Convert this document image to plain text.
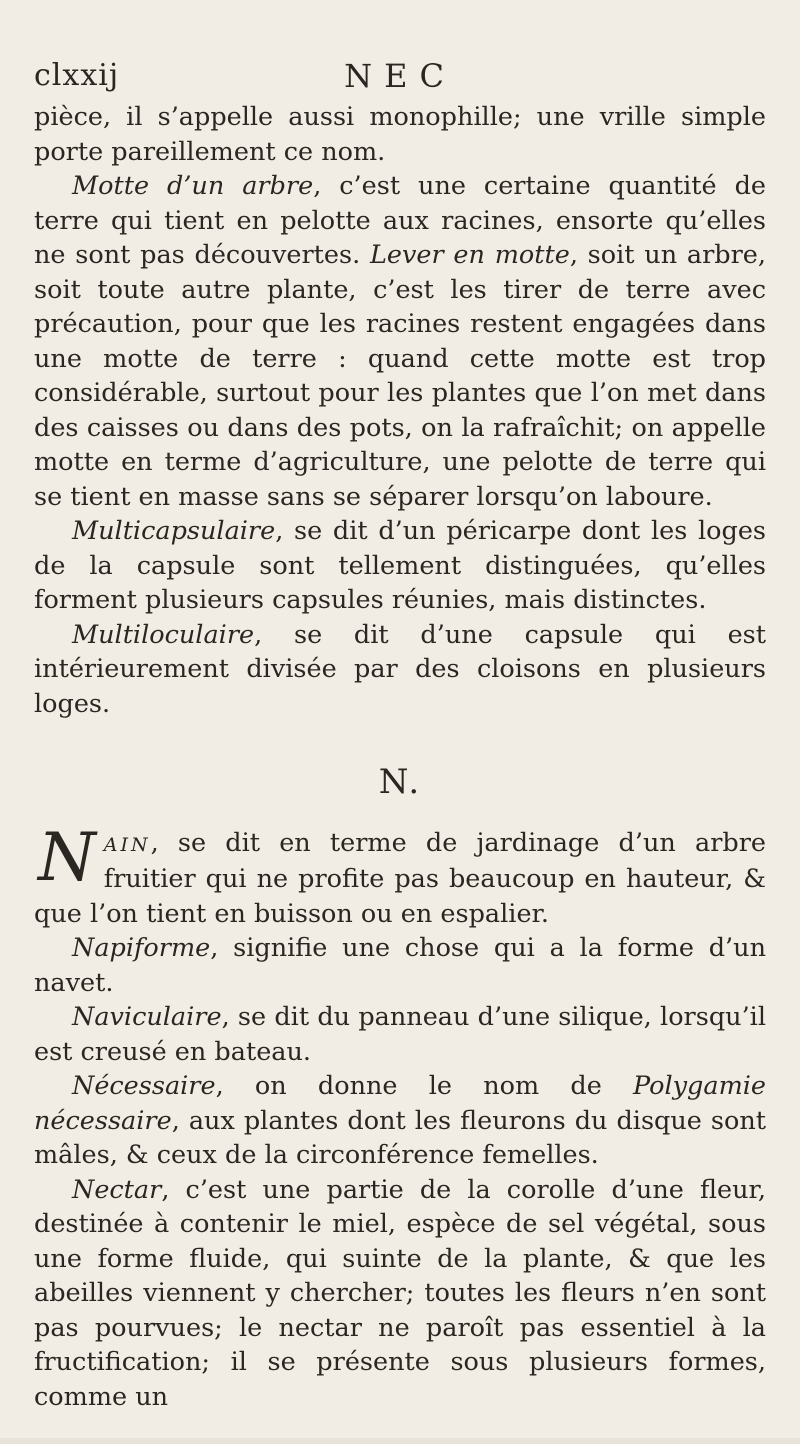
clxxij	NEC

pièce, il s’appelle aussi monophille; une vrille simple porte pareillement ce nom.

Motte d’un arbre, c’est une certaine quantité de terre qui tient en pelotte aux racines, ensorte qu’elles ne sont pas découvertes. Lever en motte, soit un arbre, soit toute autre plante, c’est les tirer de terre avec précaution, pour que les racines restent engagées dans une motte de terre : quand cette motte est trop considérable, surtout pour les plantes que l’on met dans des caisses ou dans des pots, on la rafraîchit; on appelle motte en terme d’agriculture, une pelotte de terre qui se tient en masse sans se séparer lorsqu’on laboure.

Multicapsulaire, se dit d’un péricarpe dont les loges de la capsule sont tellement distinguées, qu’elles forment plusieurs capsules réunies, mais distinctes.

Multiloculaire, se dit d’une capsule qui est intérieurement divisée par des cloisons en plusieurs loges.

N.

NAIN, se dit en terme de jardinage d’un arbre fruitier qui ne profite pas beaucoup en hauteur, & que l’on tient en buisson ou en espalier.

Napiforme, signifie une chose qui a la forme d’un navet.

Naviculaire, se dit du panneau d’une silique, lorsqu’il est creusé en bateau.

Nécessaire, on donne le nom de Polygamie nécessaire, aux plantes dont les fleurons du disque sont mâles, & ceux de la circonférence femelles.

Nectar, c’est une partie de la corolle d’une fleur, destinée à contenir le miel, espèce de sel végétal, sous une forme fluide, qui suinte de la plante, & que les abeilles viennent y chercher; toutes les fleurs n’en sont pas pourvues; le nectar ne paroît pas essentiel à la fructification; il se présente sous plusieurs formes, comme un
